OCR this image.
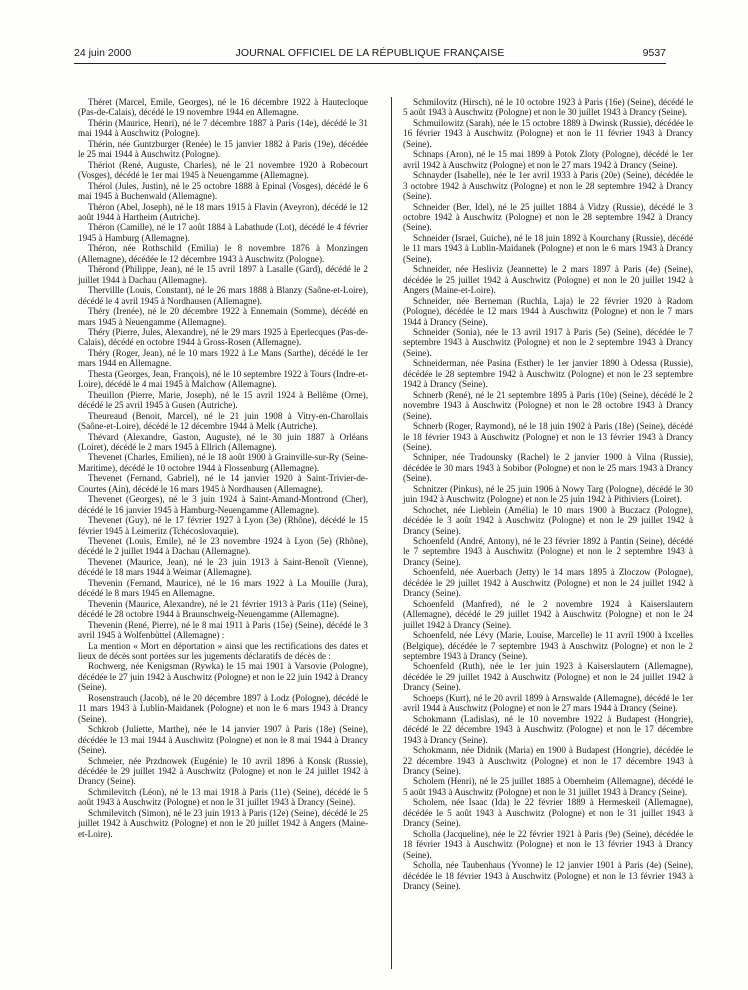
24 juin 2000	JOURNAL OFFICIEL DE LA RÉPUBLIQUE FRANÇAISE	9537

Théret (Marcel, Emile, Georges), né le 16 décembre 1922 à Hautecloque (Pas-de-Calais), décédé le 19 novembre 1944 en Allemagne.

Thérin (Maurice, Henri), né le 7 décembre 1887 à Paris (14e), décédé le 31 mai 1944 à Auschwitz (Pologne).

Thérin, née Guntzburger (Renée) le 15 janvier 1882 à Paris (19e), décédée le 25 mai 1944 à Auschwitz (Pologne).

Thériot (René, Auguste, Charles), né le 21 novembre 1920 à Robecourt (Vosges), décédé le 1er mai 1945 à Neuengamme (Allemagne).

Thérol (Jules, Justin), né le 25 octobre 1888 à Epinal (Vosges), décédé le 6 mai 1945 à Buchenwald (Allemagne).

Théron (Abel, Joseph), né le 18 mars 1915 à Flavin (Aveyron), décédé le 12 août 1944 à Hartheim (Autriche).

Théron (Camille), né le 17 août 1884 à Labathude (Lot), décédé le 4 février 1945 à Hamburg (Allemagne).

Théron, née Rothschild (Emilia) le 8 novembre 1876 à Monzingen (Allemagne), décédée le 12 décembre 1943 à Auschwitz (Pologne).

Thérond (Philippe, Jean), né le 15 avril 1897 à Lasalle (Gard), décédé le 2 juillet 1944 à Dachau (Allemagne).

Thervillle (Louis, Constant), né le 26 mars 1888 à Blanzy (Saône-et-Loire), décédé le 4 avril 1945 à Nordhausen (Allemagne).

Théry (Irenée), né le 20 décembre 1922 à Ennemain (Somme), décédé en mars 1945 à Neuengamme (Allemagne).

Théry (Pierre, Jules, Alexandre), né le 29 mars 1925 à Eperlecques (Pas-de-Calais), décédé en octobre 1944 à Gross-Rosen (Allemagne).

Théry (Roger, Jean), né le 10 mars 1922 à Le Mans (Sarthe), décédé le 1er mars 1944 en Allemagne.

Thesta (Georges, Jean, François), né le 10 septembre 1922 à Tours (Indre-et-Loire), décédé le 4 mai 1945 à Malchow (Allemagne).

Theuillon (Pierre, Marie, Joseph), né le 15 avril 1924 à Bellême (Orne), décédé le 25 avril 1945 à Gusen (Autriche).

Theureaud (Benoit, Marcel), né le 21 juin 1908 à Vitry-en-Charollais (Saône-et-Loire), décédé le 12 décembre 1944 à Melk (Autriche).

Thévard (Alexandre, Gaston, Auguste), né le 30 juin 1887 à Orléans (Loiret), décédé le 2 mars 1945 à Ellrich (Allemagne).

Thevenet (Charles, Emilien), né le 18 août 1900 à Grainville-sur-Ry (Seine-Maritime), décédé le 10 octobre 1944 à Flossenburg (Allemagne).

Thevenet (Fernand, Gabriel), né le 14 janvier 1920 à Saint-Trivier-de-Courtes (Ain), décédé le 16 mars 1945 à Nordhausen (Allemagne).

Thevenet (Georges), né le 3 juin 1924 à Saint-Amand-Montrond (Cher), décédé le 16 janvier 1945 à Hamburg-Neuengamme (Allemagne).

Thevenet (Guy), né le 17 février 1927 à Lyon (3e) (Rhône), décédé le 15 février 1945 à Leimeritz (Tchécoslovaquie).

Thevenet (Louis, Emile), né le 23 novembre 1924 à Lyon (5e) (Rhône), décédé le 2 juillet 1944 à Dachau (Allemagne).

Thevenet (Maurice, Jean), né le 23 juin 1913 à Saint-Benoît (Vienne), décédé le 18 mars 1944 à Weimar (Allemagne).

Thevenin (Fernand, Maurice), né le 16 mars 1922 à La Mouille (Jura), décédé le 8 mars 1945 en Allemagne.

Thevenin (Maurice, Alexandre), né le 21 février 1913 à Paris (11e) (Seine), décédé le 28 octobre 1944 à Braunschweig-Neuengamme (Allemagne).

Thevenin (René, Pierre), né le 8 mai 1911 à Paris (15e) (Seine), décédé le 3 avril 1945 à Wolfenbüttel (Allemagne) :

La mention « Mort en déportation » ainsi que les rectifications des dates et lieux de décès sont portées sur les jugements déclaratifs de décès de :

Rochwerg, née Kenigsman (Rywka) le 15 mai 1901 à Varsovie (Pologne), décédée le 27 juin 1942 à Auschwitz (Pologne) et non le 22 juin 1942 à Drancy (Seine).

Rosenstrauch (Jacob), né le 20 décembre 1897 à Lodz (Pologne), décédé le 11 mars 1943 à Lublin-Maidanek (Pologne) et non le 6 mars 1943 à Drancy (Seine).

Schkrob (Juliette, Marthe), née le 14 janvier 1907 à Paris (18e) (Seine), décédée le 13 mai 1944 à Auschwitz (Pologne) et non le 8 mai 1944 à Drancy (Seine).

Schmeier, née Przdnowek (Eugénie) le 10 avril 1896 à Konsk (Russie), décédée le 29 juillet 1942 à Auschwitz (Pologne) et non le 24 juillet 1942 à Drancy (Seine).

Schmilevitch (Léon), né le 13 mai 1918 à Paris (11e) (Seine), décédé le 5 août 1943 à Auschwitz (Pologne) et non le 31 juillet 1943 à Drancy (Seine).

Schmilevitch (Simon), né le 23 juin 1913 à Paris (12e) (Seine), décédé le 25 juillet 1942 à Auschwitz (Pologne) et non le 20 juillet 1942 à Angers (Maine-et-Loire).

Schmilovitz (Hirsch), né le 10 octobre 1923 à Paris (16e) (Seine), décédé le 5 août 1943 à Auschwitz (Pologne) et non le 30 juillet 1943 à Drancy (Seine).

Schmuilowitz (Sarah), née le 15 octobre 1889 à Dwinsk (Russie), décédée le 16 février 1943 à Auschwitz (Pologne) et non le 11 février 1943 à Drancy (Seine).

Schnaps (Aron), né le 15 mai 1899 à Potok Zloty (Pologne), décédé le 1er avril 1942 à Auschwitz (Pologne) et non le 27 mars 1942 à Drancy (Seine).

Schnayder (Isabelle), née le 1er avril 1933 à Paris (20e) (Seine), décédée le 3 octobre 1942 à Auschwitz (Pologne) et non le 28 septembre 1942 à Drancy (Seine).

Schneider (Ber, Idel), né le 25 juillet 1884 à Vidzy (Russie), décédé le 3 octobre 1942 à Auschwitz (Pologne) et non le 28 septembre 1942 à Drancy (Seine).

Schneider (Israel, Guiche), né le 18 juin 1892 à Kourchany (Russie), décédé le 11 mars 1943 à Lublin-Maidanek (Pologne) et non le 6 mars 1943 à Drancy (Seine).

Schneider, née Hesliviz (Jeannette) le 2 mars 1897 à Paris (4e) (Seine), décédée le 25 juillet 1942 à Auschwitz (Pologne) et non le 20 juillet 1942 à Angers (Maine-et-Loire).

Schneider, née Berneman (Ruchla, Laja) le 22 février 1920 à Radom (Pologne), décédée le 12 mars 1944 à Auschwitz (Pologne) et non le 7 mars 1944 à Drancy (Seine).

Schneider (Sonia), née le 13 avril 1917 à Paris (5e) (Seine), décédée le 7 septembre 1943 à Auschwitz (Pologne) et non le 2 septembre 1943 à Drancy (Seine).

Schneiderman, née Pasina (Esther) le 1er janvier 1890 à Odessa (Russie), décédée le 28 septembre 1942 à Auschwitz (Pologne) et non le 23 septembre 1942 à Drancy (Seine).

Schnerb (René), né le 21 septembre 1895 à Paris (10e) (Seine), décédé le 2 novembre 1943 à Auschwitz (Pologne) et non le 28 octobre 1943 à Drancy (Seine).

Schnerb (Roger, Raymond), né le 18 juin 1902 à Paris (18e) (Seine), décédé le 18 février 1943 à Auschwitz (Pologne) et non le 13 février 1943 à Drancy (Seine).

Schniper, née Tradounsky (Rachel) le 2 janvier 1900 à Vilna (Russie), décédée le 30 mars 1943 à Sobibor (Pologne) et non le 25 mars 1943 à Drancy (Seine).

Schnitzer (Pinkus), né le 25 juin 1906 à Nowy Targ (Pologne), décédé le 30 juin 1942 à Auschwitz (Pologne) et non le 25 juin 1942 à Pithiviers (Loiret).

Schochet, née Lieblein (Amélia) le 10 mars 1900 à Buczacz (Pologne), décédée le 3 août 1942 à Auschwitz (Pologne) et non le 29 juillet 1942 à Drancy (Seine).

Schoenfeld (André, Antony), né le 23 février 1892 à Pantin (Seine), décédé le 7 septembre 1943 à Auschwitz (Pologne) et non le 2 septembre 1943 à Drancy (Seine).

Schoenfeld, née Auerbach (Jetty) le 14 mars 1895 à Zloczow (Pologne), décédée le 29 juillet 1942 à Auschwitz (Pologne) et non le 24 juillet 1942 à Drancy (Seine).

Schoenfeld (Manfred), né le 2 novembre 1924 à Kaiserslautern (Allemagne), décédé le 29 juillet 1942 à Auschwitz (Pologne) et non le 24 juillet 1942 à Drancy (Seine).

Schoenfeld, née Lévy (Marie, Louise, Marcelle) le 11 avril 1900 à Ixcelles (Belgique), décédée le 7 septembre 1943 à Auschwitz (Pologne) et non le 2 septembre 1943 à Drancy (Seine).

Schoenfeld (Ruth), née le 1er juin 1923 à Kaiserslautern (Allemagne), décédée le 29 juillet 1942 à Auschwitz (Pologne) et non le 24 juillet 1942 à Drancy (Seine).

Schoeps (Kurt), né le 20 avril 1899 à Arnswalde (Allemagne), décédé le 1er avril 1944 à Auschwitz (Pologne) et non le 27 mars 1944 à Drancy (Seine).

Schokmann (Ladislas), né le 10 novembre 1922 à Budapest (Hongrie), décédé le 22 décembre 1943 à Auschwitz (Pologne) et non le 17 décembre 1943 à Drancy (Seine).

Schokmann, née Didnik (Maria) en 1900 à Budapest (Hongrie), décédée le 22 décembre 1943 à Auschwitz (Pologne) et non le 17 décembre 1943 à Drancy (Seine).

Scholem (Henri), né le 25 juillet 1885 à Obernheim (Allemagne), décédé le 5 août 1943 à Auschwitz (Pologne) et non le 31 juillet 1943 à Drancy (Seine).

Scholem, née Isaac (Ida) le 22 février 1889 à Hermeskeil (Allemagne), décédée le 5 août 1943 à Auschwitz (Pologne) et non le 31 juillet 1943 à Drancy (Seine).

Scholla (Jacqueline), née le 22 février 1921 à Paris (9e) (Seine), décédée le 18 février 1943 à Auschwitz (Pologne) et non le 13 février 1943 à Drancy (Seine).

Scholla, née Taubenhaus (Yvonne) le 12 janvier 1901 à Paris (4e) (Seine), décédée le 18 février 1943 à Auschwitz (Pologne) et non le 13 février 1943 à Drancy (Seine).
